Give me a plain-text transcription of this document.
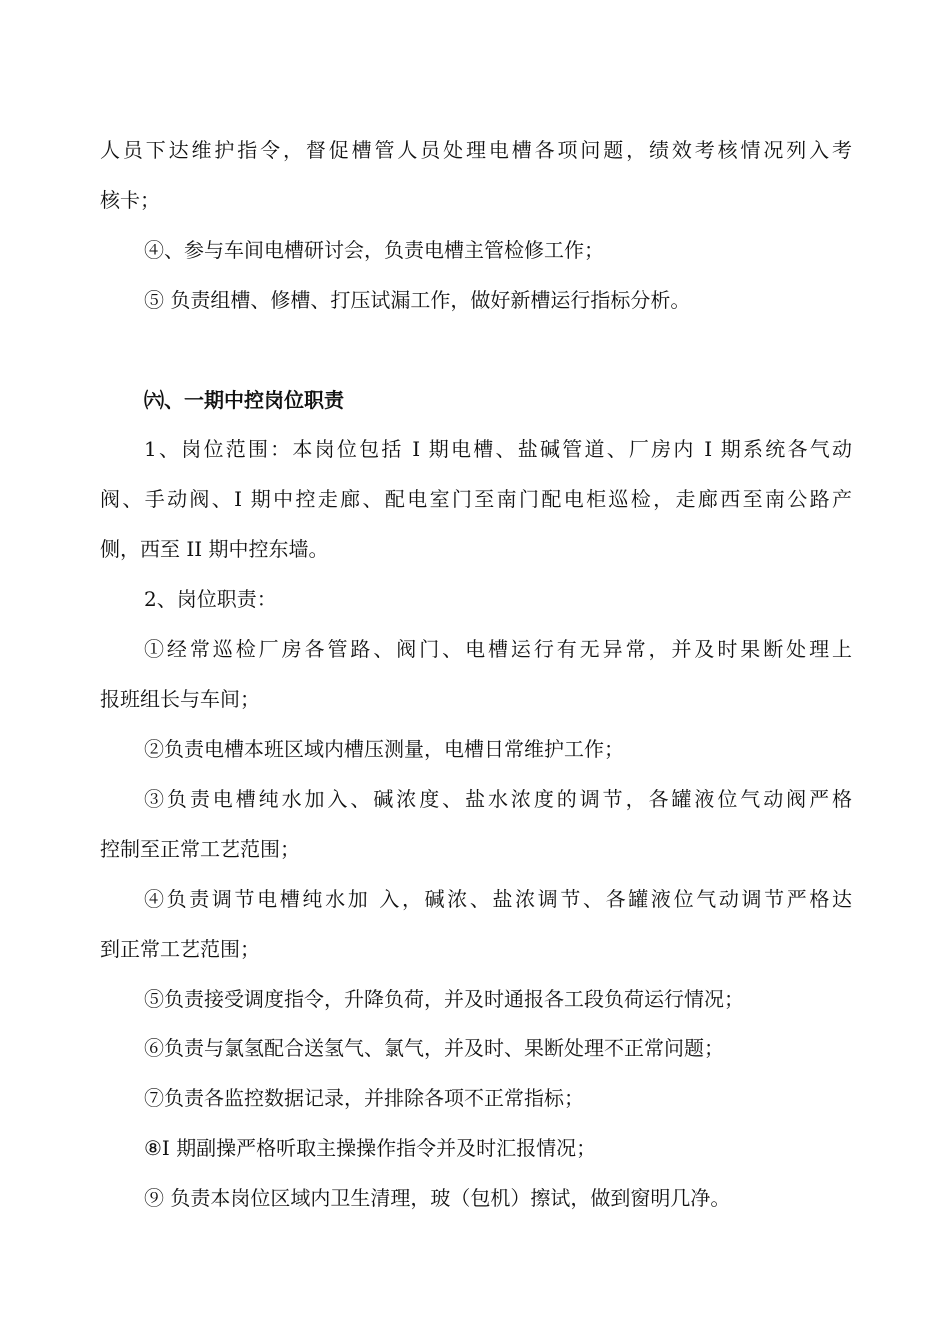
人员下达维护指令，督促槽管人员处理电槽各项问题，绩效考核情况列入考

核卡；

④、参与车间电槽研讨会，负责电槽主管检修工作；

⑤ 负责组槽、修槽、打压试漏工作，做好新槽运行指标分析。

㈥、一期中控岗位职责

1、岗位范围：本岗位包括 I 期电槽、盐碱管道、厂房内 I 期系统各气动

阀、手动阀、I 期中控走廊、配电室门至南门配电柜巡检，走廊西至南公路产

侧，西至 II 期中控东墙。

2、岗位职责：

①经常巡检厂房各管路、阀门、电槽运行有无异常，并及时果断处理上

报班组长与车间；

②负责电槽本班区域内槽压测量，电槽日常维护工作；

③负责电槽纯水加入、碱浓度、盐水浓度的调节，各罐液位气动阀严格

控制至正常工艺范围；

④负责调节电槽纯水加 入，碱浓、盐浓调节、各罐液位气动调节严格达

到正常工艺范围；

⑤负责接受调度指令，升降负荷，并及时通报各工段负荷运行情况；

⑥负责与氯氢配合送氢气、氯气，并及时、果断处理不正常问题；

⑦负责各监控数据记录，并排除各项不正常指标；

⑧I 期副操严格听取主操操作指令并及时汇报情况；

⑨ 负责本岗位区域内卫生清理，玻（包机）擦试，做到窗明几净。
